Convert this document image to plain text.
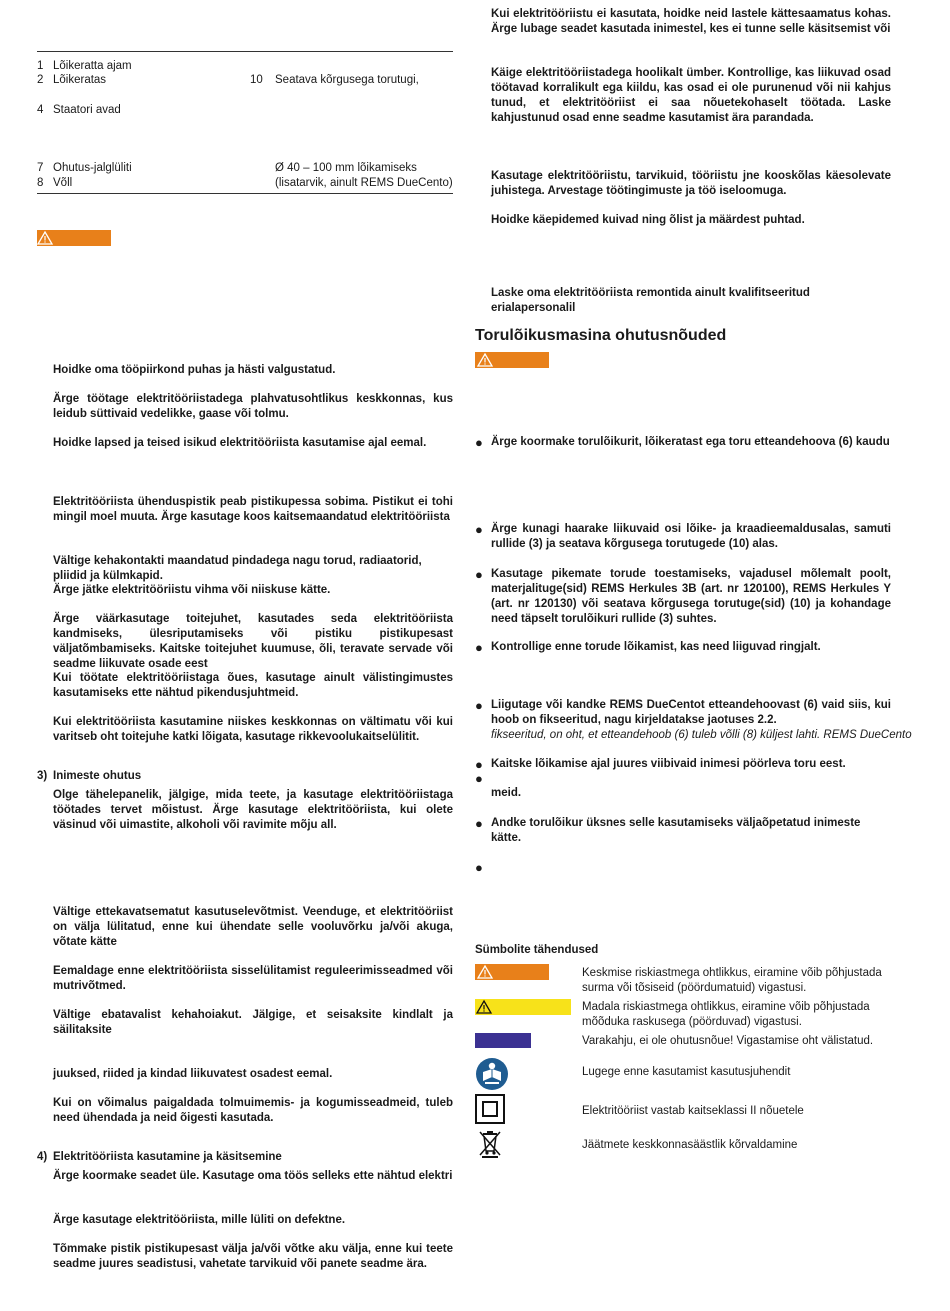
1 Lõikeratta ajam
2 Lõikeratas
4 Staatori avad
7 Ohutus-jalglüliti
8 Võll
10 Seatava kõrgusega torutugi,
Ø 40 – 100 mm lõikamiseks
(lisatarvik, ainult REMS DueCento)
Hoidke oma tööpiirkond puhas ja hästi valgustatud.
Ärge töötage elektritööriistadega plahvatusohtlikus keskkonnas, kus leidub süttivaid vedelikke, gaase või tolmu.
Hoidke lapsed ja teised isikud elektritööriista kasutamise ajal eemal.
Elektritööriista ühenduspistik peab pistikupessa sobima. Pistikut ei tohi mingil moel muuta. Ärge kasutage koos kaitsemaandatud elektritööriista
Vältige kehakontakti maandatud pindadega nagu torud, radiaatorid, pliidid ja külmkapid.
Ärge jätke elektritööriistu vihma või niiskuse kätte.
Ärge väärkasutage toitejuhet, kasutades seda elektritööriista kandmiseks, ülesriputamiseks või pistiku pistikupesast väljatõmbamiseks. Kaitske toitejuhet kuumuse, õli, teravate servade või seadme liikuvate osade eest
Kui töötate elektritööriistaga õues, kasutage ainult välistingimustes kasutamiseks ette nähtud pikendusjuhtmeid.
Kui elektritööriista kasutamine niiskes keskkonnas on vältimatu või kui varitseb oht toitejuhe katki lõigata, kasutage rikkevoolukaitselülitit.
3) Inimeste ohutus
Olge tähelepanelik, jälgige, mida teete, ja kasutage elektritööriistaga töötades tervet mõistust. Ärge kasutage elektritööriista, kui olete väsinud või uimastite, alkoholi või ravimite mõju all.
Vältige ettekavatsematut kasutuselevõtmist. Veenduge, et elektritööriist on välja lülitatud, enne kui ühendate selle vooluvõrku ja/või akuga, võtate kätte
Eemaldage enne elektritööriista sisselülitamist reguleerimisseadmed või mutrivõtmed.
Vältige ebatavalist kehahoiakut. Jälgige, et seisaksite kindlalt ja säilitaksite
juuksed, riided ja kindad liikuvatest osadest eemal.
Kui on võimalus paigaldada tolmuimemis- ja kogumisseadmeid, tuleb need ühendada ja neid õigesti kasutada.
4) Elektritööriista kasutamine ja käsitsemine
Ärge koormake seadet üle. Kasutage oma töös selleks ette nähtud elektri
Ärge kasutage elektritööriista, mille lüliti on defektne.
Tõmmake pistik pistikupesast välja ja/või võtke aku välja, enne kui teete seadme juures seadistusi, vahetate tarvikuid või panete seadme ära.
Kui elektritööriistu ei kasutata, hoidke neid lastele kättesaamatus kohas. Ärge lubage seadet kasutada inimestel, kes ei tunne selle käsitsemist või
Käige elektritööriistadega hoolikalt ümber. Kontrollige, kas liikuvad osad töötavad korralikult ega kiildu, kas osad ei ole purunenud või nii kahjus tunud, et elektritööriist ei saa nõuetekohaselt töötada. Laske kahjustunud osad enne seadme kasutamist ära parandada.
Kasutage elektritööriistu, tarvikuid, tööriistu jne kooskõlas käesolevate juhistega. Arvestage töötingimuste ja töö iseloomuga.
Hoidke käepidemed kuivad ning õlist ja määrdest puhtad.
Laske oma elektritööriista remontida ainult kvalifitseeritud erialapersonalil
Torulõikusmasina ohutusnõuded
● Ärge koormake torulõikurit, lõikeratast ega toru etteandehoova (6) kaudu
● Ärge kunagi haarake liikuvaid osi lõike- ja kraadieemaldusalas, samuti rullide (3) ja seatava kõrgusega torutugede (10) alas.
● Kasutage pikemate torude toestamiseks, vajadusel mõlemalt poolt, materjalituge(sid) REMS Herkules 3B (art. nr 120100), REMS Herkules Y (art. nr 120130) või seatava kõrgusega torutuge(sid) (10) ja kohandage need täpselt torulõikuri rullide (3) suhtes.
● Kontrollige enne torude lõikamist, kas need liiguvad ringjalt.
● Liigutage või kandke REMS DueCentot etteandehoovast (6) vaid siis, kui hoob on fikseeritud, nagu kirjeldatakse jaotuses 2.2.
fikseeritud, on oht, et etteandehoob (6) tuleb võlli (8) küljest lahti. REMS DueCento
● Kaitske lõikamise ajal juures viibivaid inimesi pöörleva toru eest.
●
meid.
● Andke torulõikur üksnes selle kasutamiseks väljaõpetatud inimeste kätte.
●
Sümbolite tähendused
Keskmise riskiastmega ohtlikkus, eiramine võib põhjustada surma või tõsiseid (pöördumatuid) vigastusi.
Madala riskiastmega ohtlikkus, eiramine võib põhjustada mõõduka raskusega (pöörduvad) vigastusi.
Varakahju, ei ole ohutusnõue! Vigastamise oht välistatud.
Lugege enne kasutamist kasutusjuhendit
Elektritööriist vastab kaitseklassi II nõuetele
Jäätmete keskkonnasäästlik kõrvaldamine
